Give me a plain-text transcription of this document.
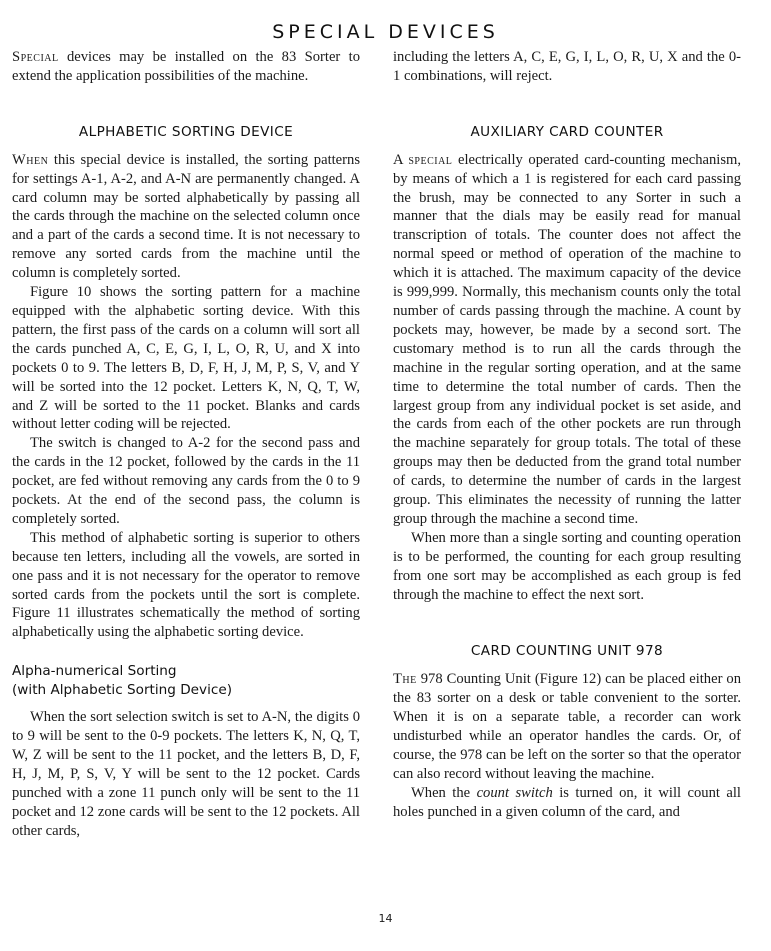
SPECIAL DEVICES

Special devices may be installed on the 83 Sorter to extend the application possibilities of the machine.

ALPHABETIC SORTING DEVICE

When this special device is installed, the sorting patterns for settings A-1, A-2, and A-N are permanently changed. A card column may be sorted alphabetically by passing all the cards through the machine on the selected column once and a part of the cards a second time. It is not necessary to remove any sorted cards from the machine until the column is completely sorted.

Figure 10 shows the sorting pattern for a machine equipped with the alphabetic sorting device. With this pattern, the first pass of the cards on a column will sort all the cards punched A, C, E, G, I, L, O, R, U, and X into pockets 0 to 9. The letters B, D, F, H, J, M, P, S, V, and Y will be sorted into the 12 pocket. Letters K, N, Q, T, W, and Z will be sorted to the 11 pocket. Blanks and cards without letter coding will be rejected.

The switch is changed to A-2 for the second pass and the cards in the 12 pocket, followed by the cards in the 11 pocket, are fed without removing any cards from the 0 to 9 pockets. At the end of the second pass, the column is completely sorted.

This method of alphabetic sorting is superior to others because ten letters, including all the vowels, are sorted in one pass and it is not necessary for the operator to remove sorted cards from the pockets until the sort is complete. Figure 11 illustrates schematically the method of sorting alphabetically using the alphabetic sorting device.

Alpha-numerical Sorting
(with Alphabetic Sorting Device)

When the sort selection switch is set to A-N, the digits 0 to 9 will be sent to the 0-9 pockets. The letters K, N, Q, T, W, Z will be sent to the 11 pocket, and the letters B, D, F, H, J, M, P, S, V, Y will be sent to the 12 pocket. Cards punched with a zone 11 punch only will be sent to the 11 pocket and 12 zone cards will be sent to the 12 pockets. All other cards,

including the letters A, C, E, G, I, L, O, R, U, X and the 0-1 combinations, will reject.

AUXILIARY CARD COUNTER

A special electrically operated card-counting mechanism, by means of which a 1 is registered for each card passing the brush, may be connected to any Sorter in such a manner that the dials may be easily read for manual transcription of totals. The counter does not affect the normal speed or method of operation of the machine to which it is attached. The maximum capacity of the device is 999,999. Normally, this mechanism counts only the total number of cards passing through the machine. A count by pockets may, however, be made by a second sort. The customary method is to run all the cards through the machine in the regular sorting operation, and at the same time to determine the total number of cards. Then the largest group from any individual pocket is set aside, and the cards from each of the other pockets are run through the machine separately for group totals. The total of these groups may then be deducted from the grand total number of cards, to determine the number of cards in the largest group. This eliminates the necessity of running the latter group through the machine a second time.

When more than a single sorting and counting operation is to be performed, the counting for each group resulting from one sort may be accomplished as each group is fed through the machine to effect the next sort.

CARD COUNTING UNIT 978

The 978 Counting Unit (Figure 12) can be placed either on the 83 sorter on a desk or table convenient to the sorter. When it is on a separate table, a recorder can work undisturbed while an operator handles the cards. Or, of course, the 978 can be left on the sorter so that the operator can also record without leaving the machine.

When the count switch is turned on, it will count all holes punched in a given column of the card, and

14
